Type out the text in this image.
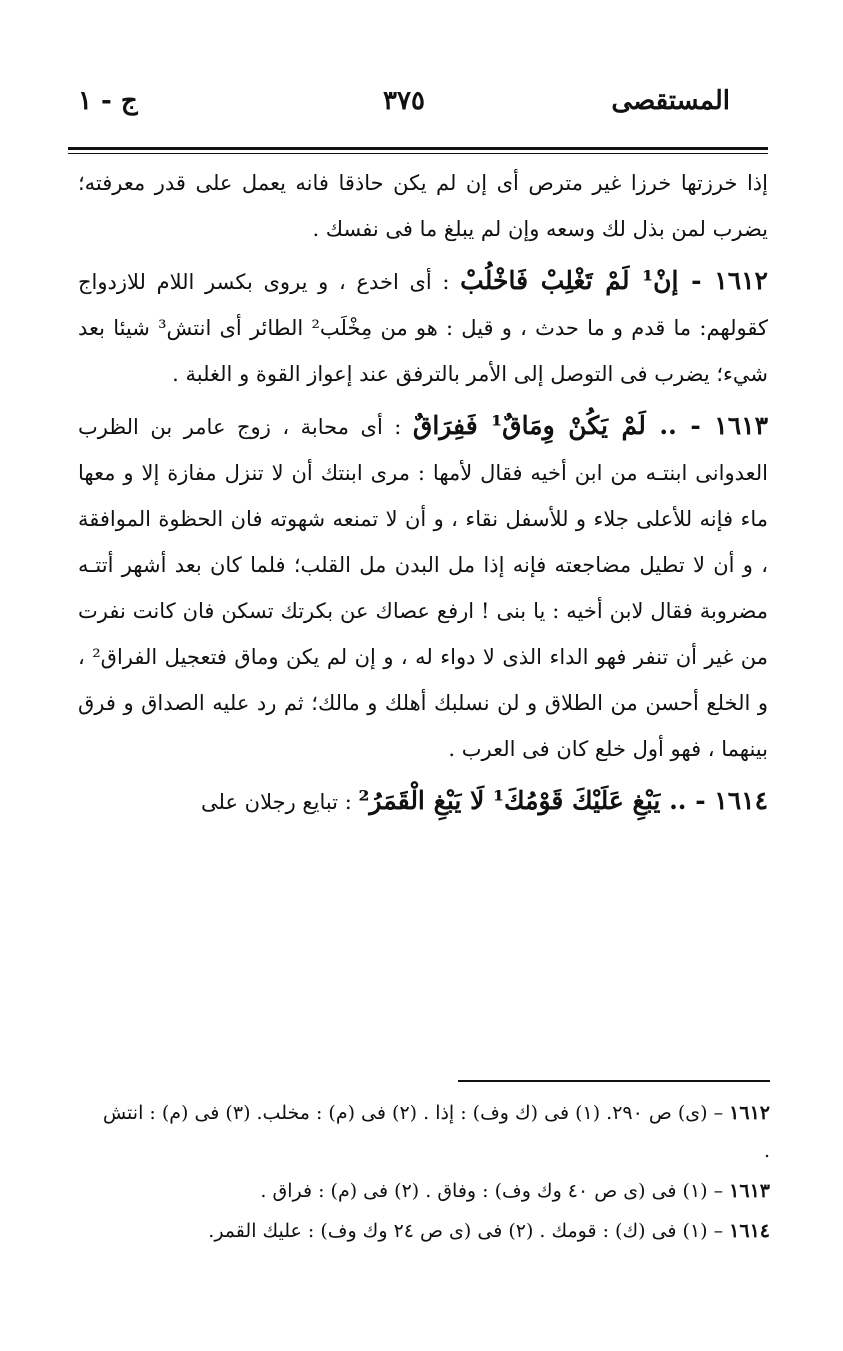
المستقصى
٣٧٥
ج - ١

إذا خرزتها خرزا غير مترص أى إن لم يكن حاذقا فانه يعمل على قدر معرفته؛ يضرب لمن بذل لك وسعه وإن لم يبلغ ما فى نفسك .

١٦١٢ - إنْ¹ لَمْ تَغْلِبْ فَاخْلُبْ : أى اخدع ، و يروى بكسر اللام للازدواج كقولهم: ما قدم و ما حدث ، و قيل : هو من مِخْلَب² الطائر أى انتش³ شيئا بعد شيء؛ يضرب فى التوصل إلى الأمر بالترفق عند إعواز القوة و الغلبة .

١٦١٣ - .. لَمْ يَكُنْ وِمَاقٌ¹ فَفِرَاقٌ : أى محابة ، زوج عامر بن الظرب العدوانى ابنتـه من ابن أخيه فقال لأمها : مرى ابنتك أن لا تنزل مفازة إلا و معها ماء فإنه للأعلى جلاء و للأسفل نقاء ، و أن لا تمنعه شهوته فان الحظوة الموافقة ، و أن لا تطيل مضاجعته فإنه إذا مل البدن مل القلب؛ فلما كان بعد أشهر أتتـه مضروبة فقال لابن أخيه : يا بنى ! ارفع عصاك عن بكرتك تسكن فان كانت نفرت من غير أن تنفر فهو الداء الذى لا دواء له ، و إن لم يكن وماق فتعجيل الفراق² ، و الخلع أحسن من الطلاق و لن نسلبك أهلك و مالك؛ ثم رد عليه الصداق و فرق بينهما ، فهو أول خلع كان فى العرب .

١٦١٤ - .. يَبْغِ عَلَيْكَ قَوْمُكَ¹ لَا يَبْغِ الْقَمَرُ² : تبايع رجلان على

١٦١٢ – (ى) ص ٢٩٠. (١) فى (ك وف) : إذا . (٢) فى (م) : مخلب. (٣) فى (م) : انتش .

١٦١٣ – (١) فى (ى ص ٤٠ وك وف) : وفاق . (٢) فى (م) : فراق .

١٦١٤ – (١) فى (ك) : قومك . (٢) فى (ى ص ٢٤ وك وف) : عليك القمر.
